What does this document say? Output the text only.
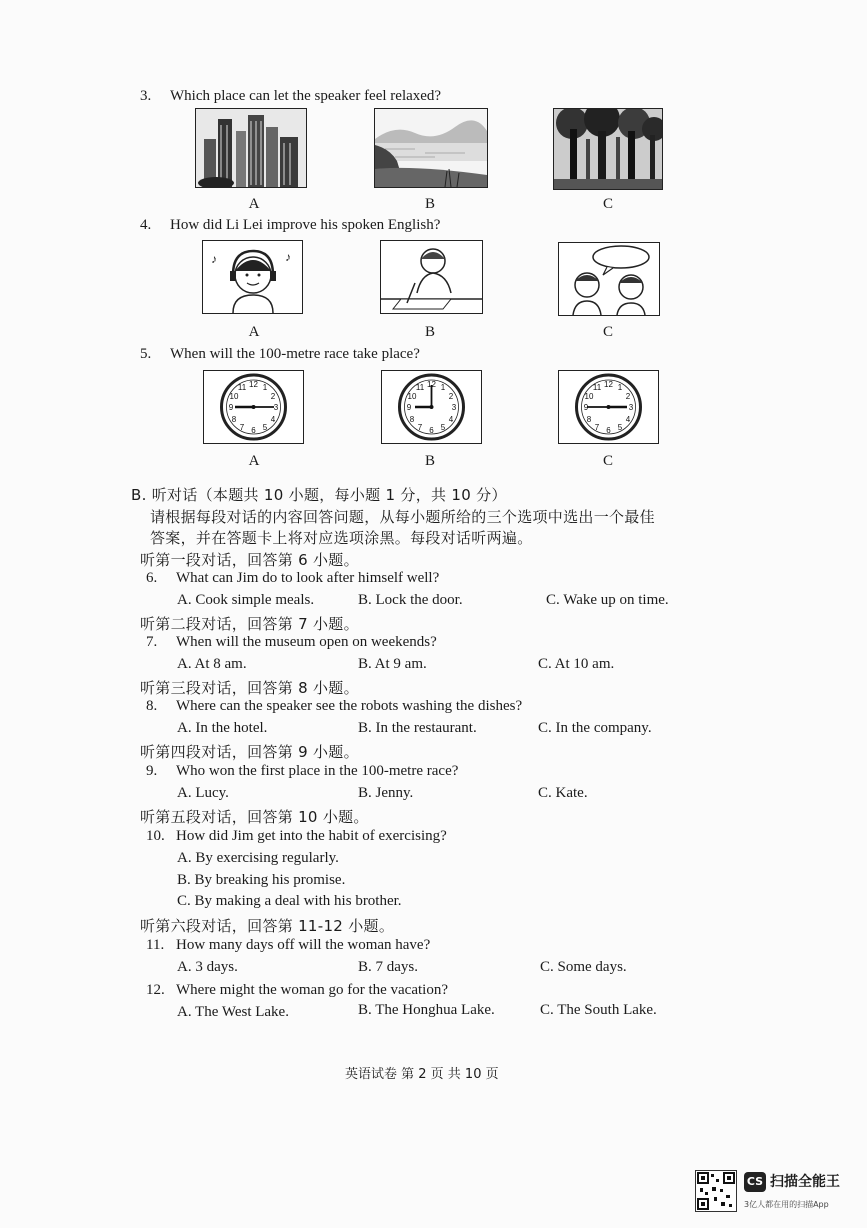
3. Which place can let the speaker feel relaxed?
A	B	C
4. How did Li Lei improve his spoken English?
♪	♪
A	B	C
5. When will the 100-metre race take place?
12
3
6
9
1
2
4
5
7
8
10
11	12
3
6
9
1
2
4
5
7
8
10
11	12
3
6
9
1
2
4
5
7
8
10
11
A	B	C
B. 听对话（本题共 10 小题，每小题 1 分，共 10 分）
请根据每段对话的内容回答问题，从每小题所给的三个选项中选出一个最佳
答案，并在答题卡上将对应选项涂黑。每段对话听两遍。
听第一段对话，回答第 6 小题。
6. What can Jim do to look after himself well?
A. Cook simple meals.	B. Lock the door.	C. Wake up on time.
听第二段对话，回答第 7 小题。
7. When will the museum open on weekends?
A. At 8 am.	B. At 9 am.	C. At 10 am.
听第三段对话，回答第 8 小题。
8. Where can the speaker see the robots washing the dishes?
A. In the hotel.	B. In the restaurant.	C. In the company.
听第四段对话，回答第 9 小题。
9. Who won the first place in the 100-metre race?
A. Lucy.	B. Jenny.	C. Kate.
听第五段对话，回答第 10 小题。
10. How did Jim get into the habit of exercising?
A. By exercising regularly.
B. By breaking his promise.
C. By making a deal with his brother.
听第六段对话，回答第 11-12 小题。
11. How many days off will the woman have?
A. 3 days.	B. 7 days.	C. Some days.
12. Where might the woman go for the vacation?
A. The West Lake.	B. The Honghua Lake.	C. The South Lake.
英语试卷 第 2 页 共 10 页
CS 扫描全能王
3亿人都在用的扫描App
